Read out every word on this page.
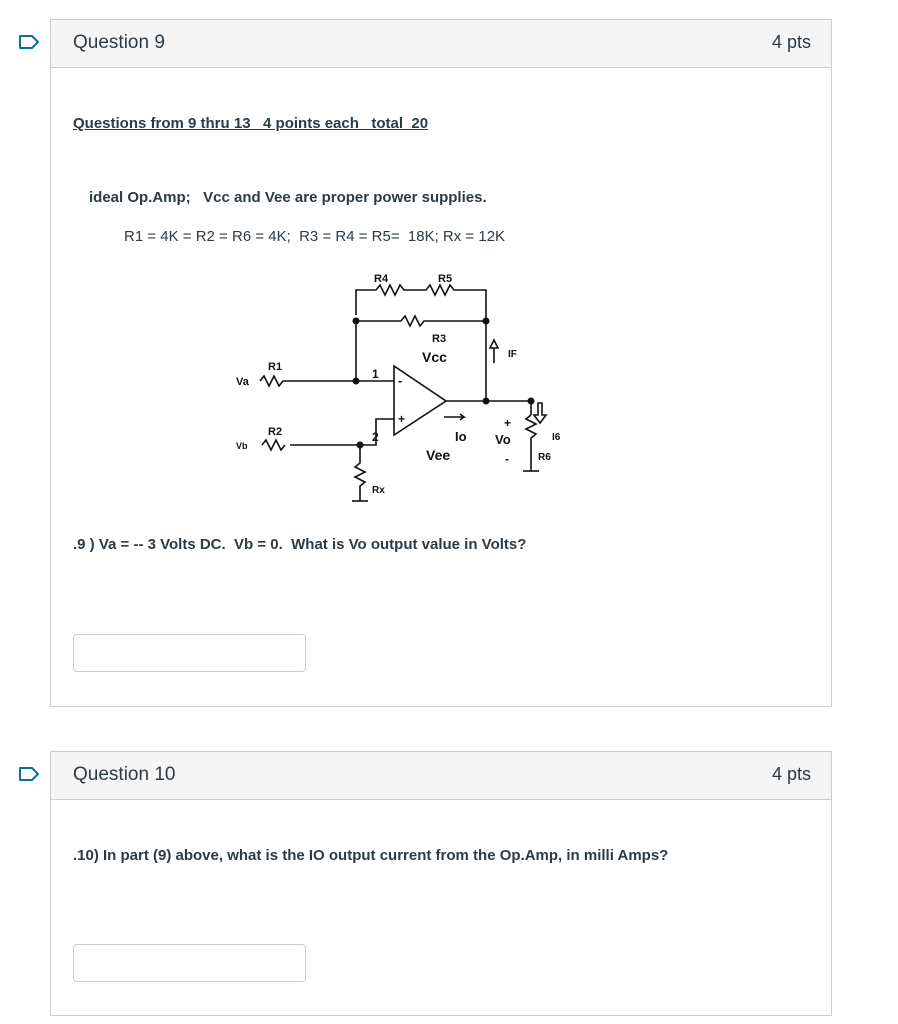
Question 9	4 pts
Questions from 9 thru 13   4 points each   total  20
ideal Op.Amp;   Vcc and Vee are proper power supplies.
R1 = 4K = R2 = R6 = 4K;  R3 = R4 = R5=  18K; Rx = 12K
R4	R5
R3
Vcc	IF
R1
Va
R2
Vb
1
2
-
+
Io
Vee
Rx
Vo
+
-
I6
R6
.9 ) Va = -- 3 Volts DC.  Vb = 0.  What is Vo output value in Volts?
Question 10	4 pts
.10) In part (9) above, what is the IO output current from the Op.Amp, in milli Amps?
